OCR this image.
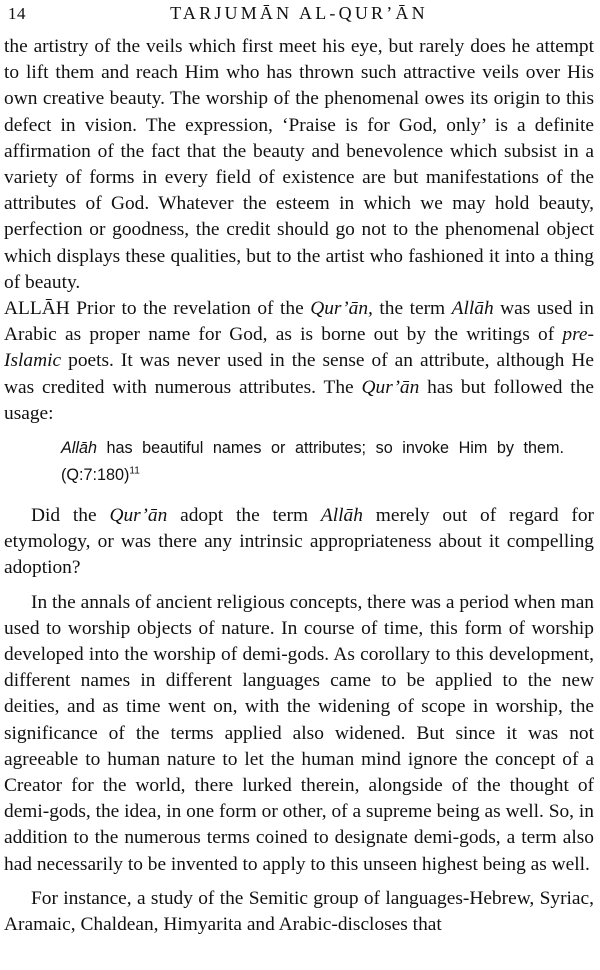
14	TARJUMĀN AL-QUR’ĀN

the artistry of the veils which first meet his eye, but rarely does he attempt to lift them and reach Him who has thrown such attractive veils over His own creative beauty. The worship of the phenomenal owes its origin to this defect in vision. The expression, ‘Praise is for God, only’ is a definite affirmation of the fact that the beauty and benevolence which subsist in a variety of forms in every field of existence are but manifestations of the attributes of God. Whatever the esteem in which we may hold beauty, perfection or goodness, the credit should go not to the phenomenal object which displays these qualities, but to the artist who fashioned it into a thing of beauty.

ALLĀH Prior to the revelation of the Qur’ān, the term Allāh was used in Arabic as proper name for God, as is borne out by the writings of pre-Islamic poets. It was never used in the sense of an attribute, although He was credited with numerous attributes. The Qur’ān has but followed the usage:

Allāh has beautiful names or attributes; so invoke Him by them. (Q:7:180)$^{11}$

Did the Qur’ān adopt the term Allāh merely out of regard for etymology, or was there any intrinsic appropriateness about it compelling adoption?

In the annals of ancient religious concepts, there was a period when man used to worship objects of nature. In course of time, this form of worship developed into the worship of demi-gods. As corollary to this development, different names in different languages came to be applied to the new deities, and as time went on, with the widening of scope in worship, the significance of the terms applied also widened. But since it was not agreeable to human nature to let the human mind ignore the concept of a Creator for the world, there lurked therein, alongside of the thought of demi-gods, the idea, in one form or other, of a supreme being as well. So, in addition to the numerous terms coined to designate demi-gods, a term also had necessarily to be invented to apply to this unseen highest being as well.

For instance, a study of the Semitic group of languages-Hebrew, Syriac, Aramaic, Chaldean, Himyarita and Arabic-discloses that
